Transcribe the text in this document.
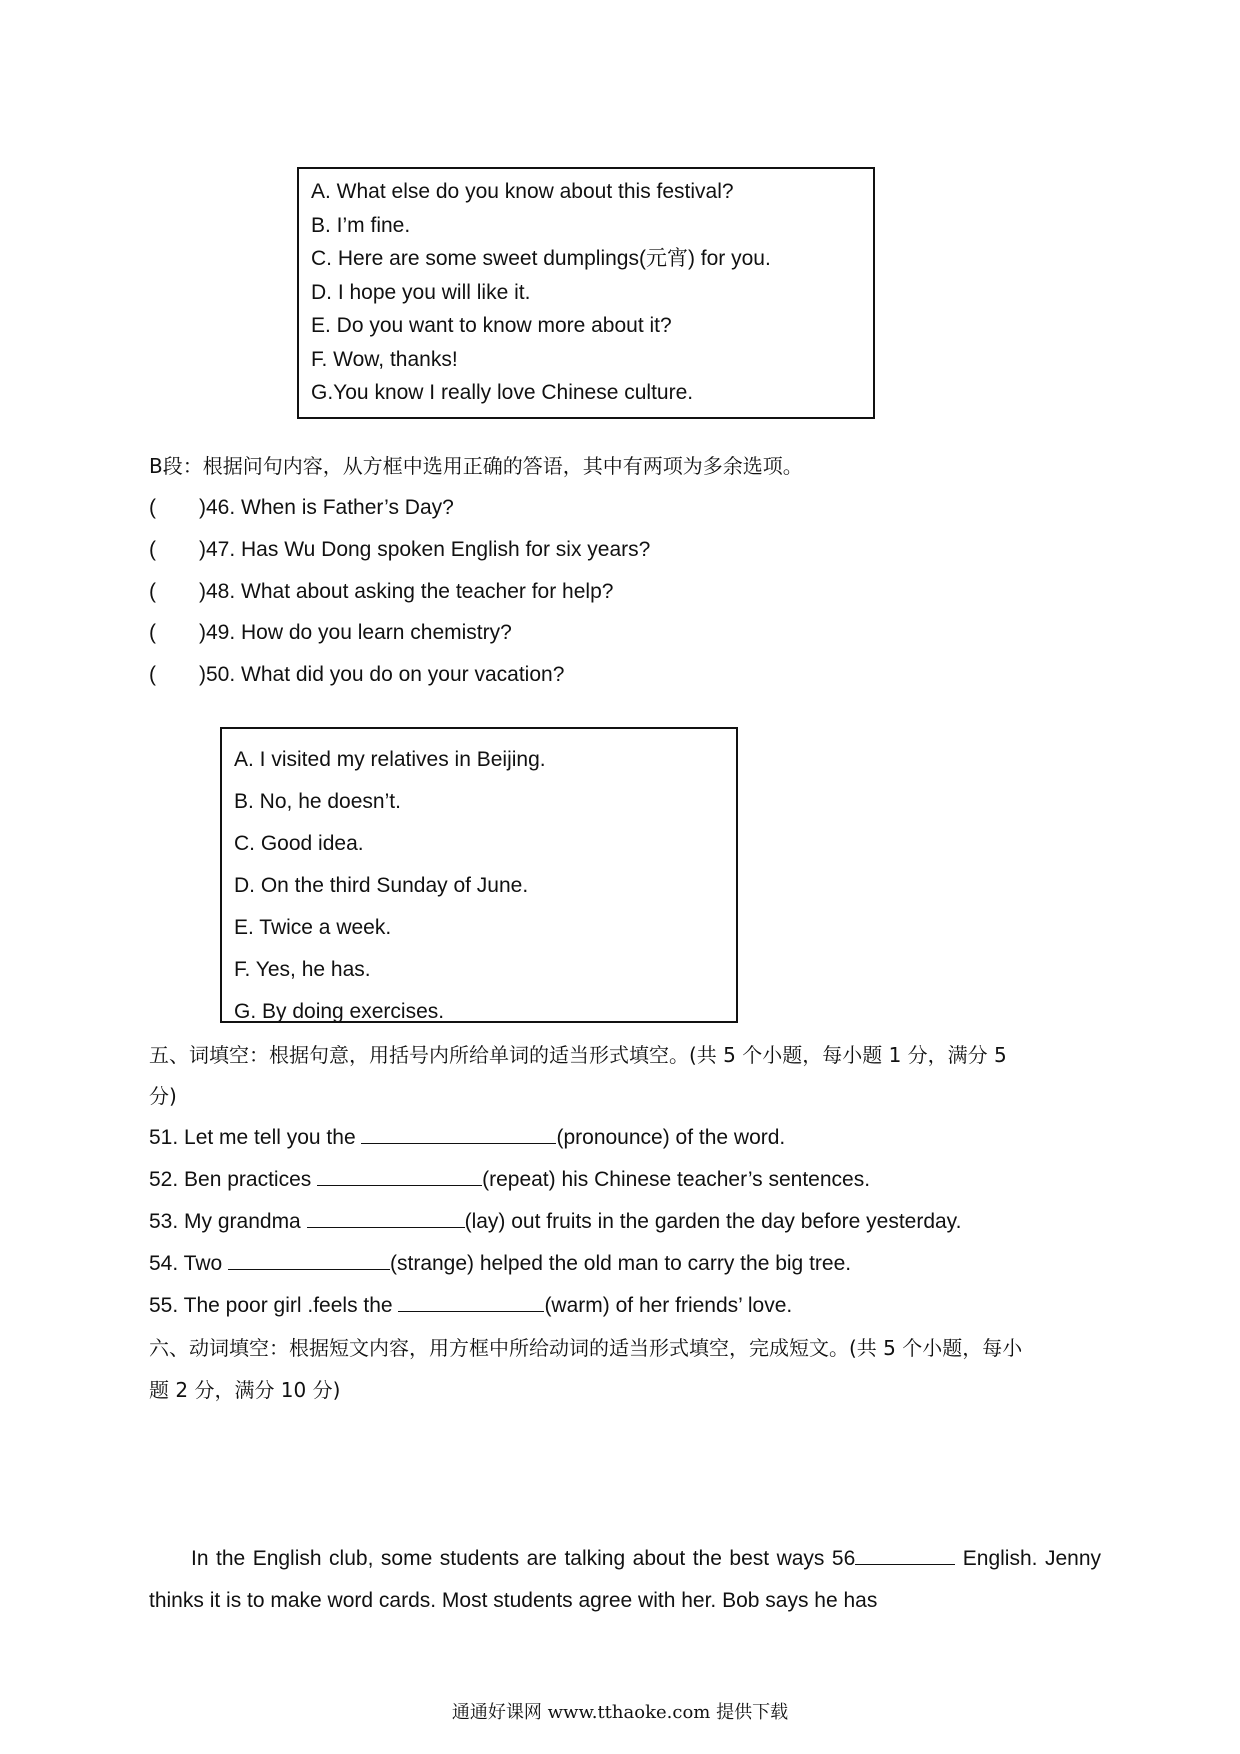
A. What else do you know about this festival?
B. I’m fine.
C. Here are some sweet dumplings(元宵) for you.
D. I hope you will like it.
E. Do you want to know more about it?
F. Wow, thanks!
G.You know I really love Chinese culture.
B段：根据问句内容，从方框中选用正确的答语，其中有两项为多余选项。
( )46. When is Father’s Day?
( )47. Has Wu Dong spoken English for six years?
( )48. What about asking the teacher for help?
( )49. How do you learn chemistry?
( )50. What did you do on your vacation?
A. I visited my relatives in Beijing.
B. No, he doesn’t.
C. Good idea.
D. On the third Sunday of June.
E. Twice a week.
F. Yes, he has.
G. By doing exercises.
五、词填空：根据句意，用括号内所给单词的适当形式填空。(共 5 个小题，每小题 1 分，满分 5
分)
51. Let me tell you the	(pronounce) of the word.
52. Ben practices	(repeat) his Chinese teacher’s sentences.
53. My grandma	(lay) out fruits in the garden the day before yesterday.
54. Two	(strange) helped the old man to carry the big tree.
55. The poor girl .feels the	(warm) of her friends’ love.
六、动词填空：根据短文内容，用方框中所给动词的适当形式填空，完成短文。(共 5 个小题，每小
题 2 分，满分 10 分)
In the English club, some students are talking about the best ways 56	English. Jenny thinks it is to make word cards. Most students agree with her. Bob says he has
通通好课网 www.tthaoke.com 提供下载
